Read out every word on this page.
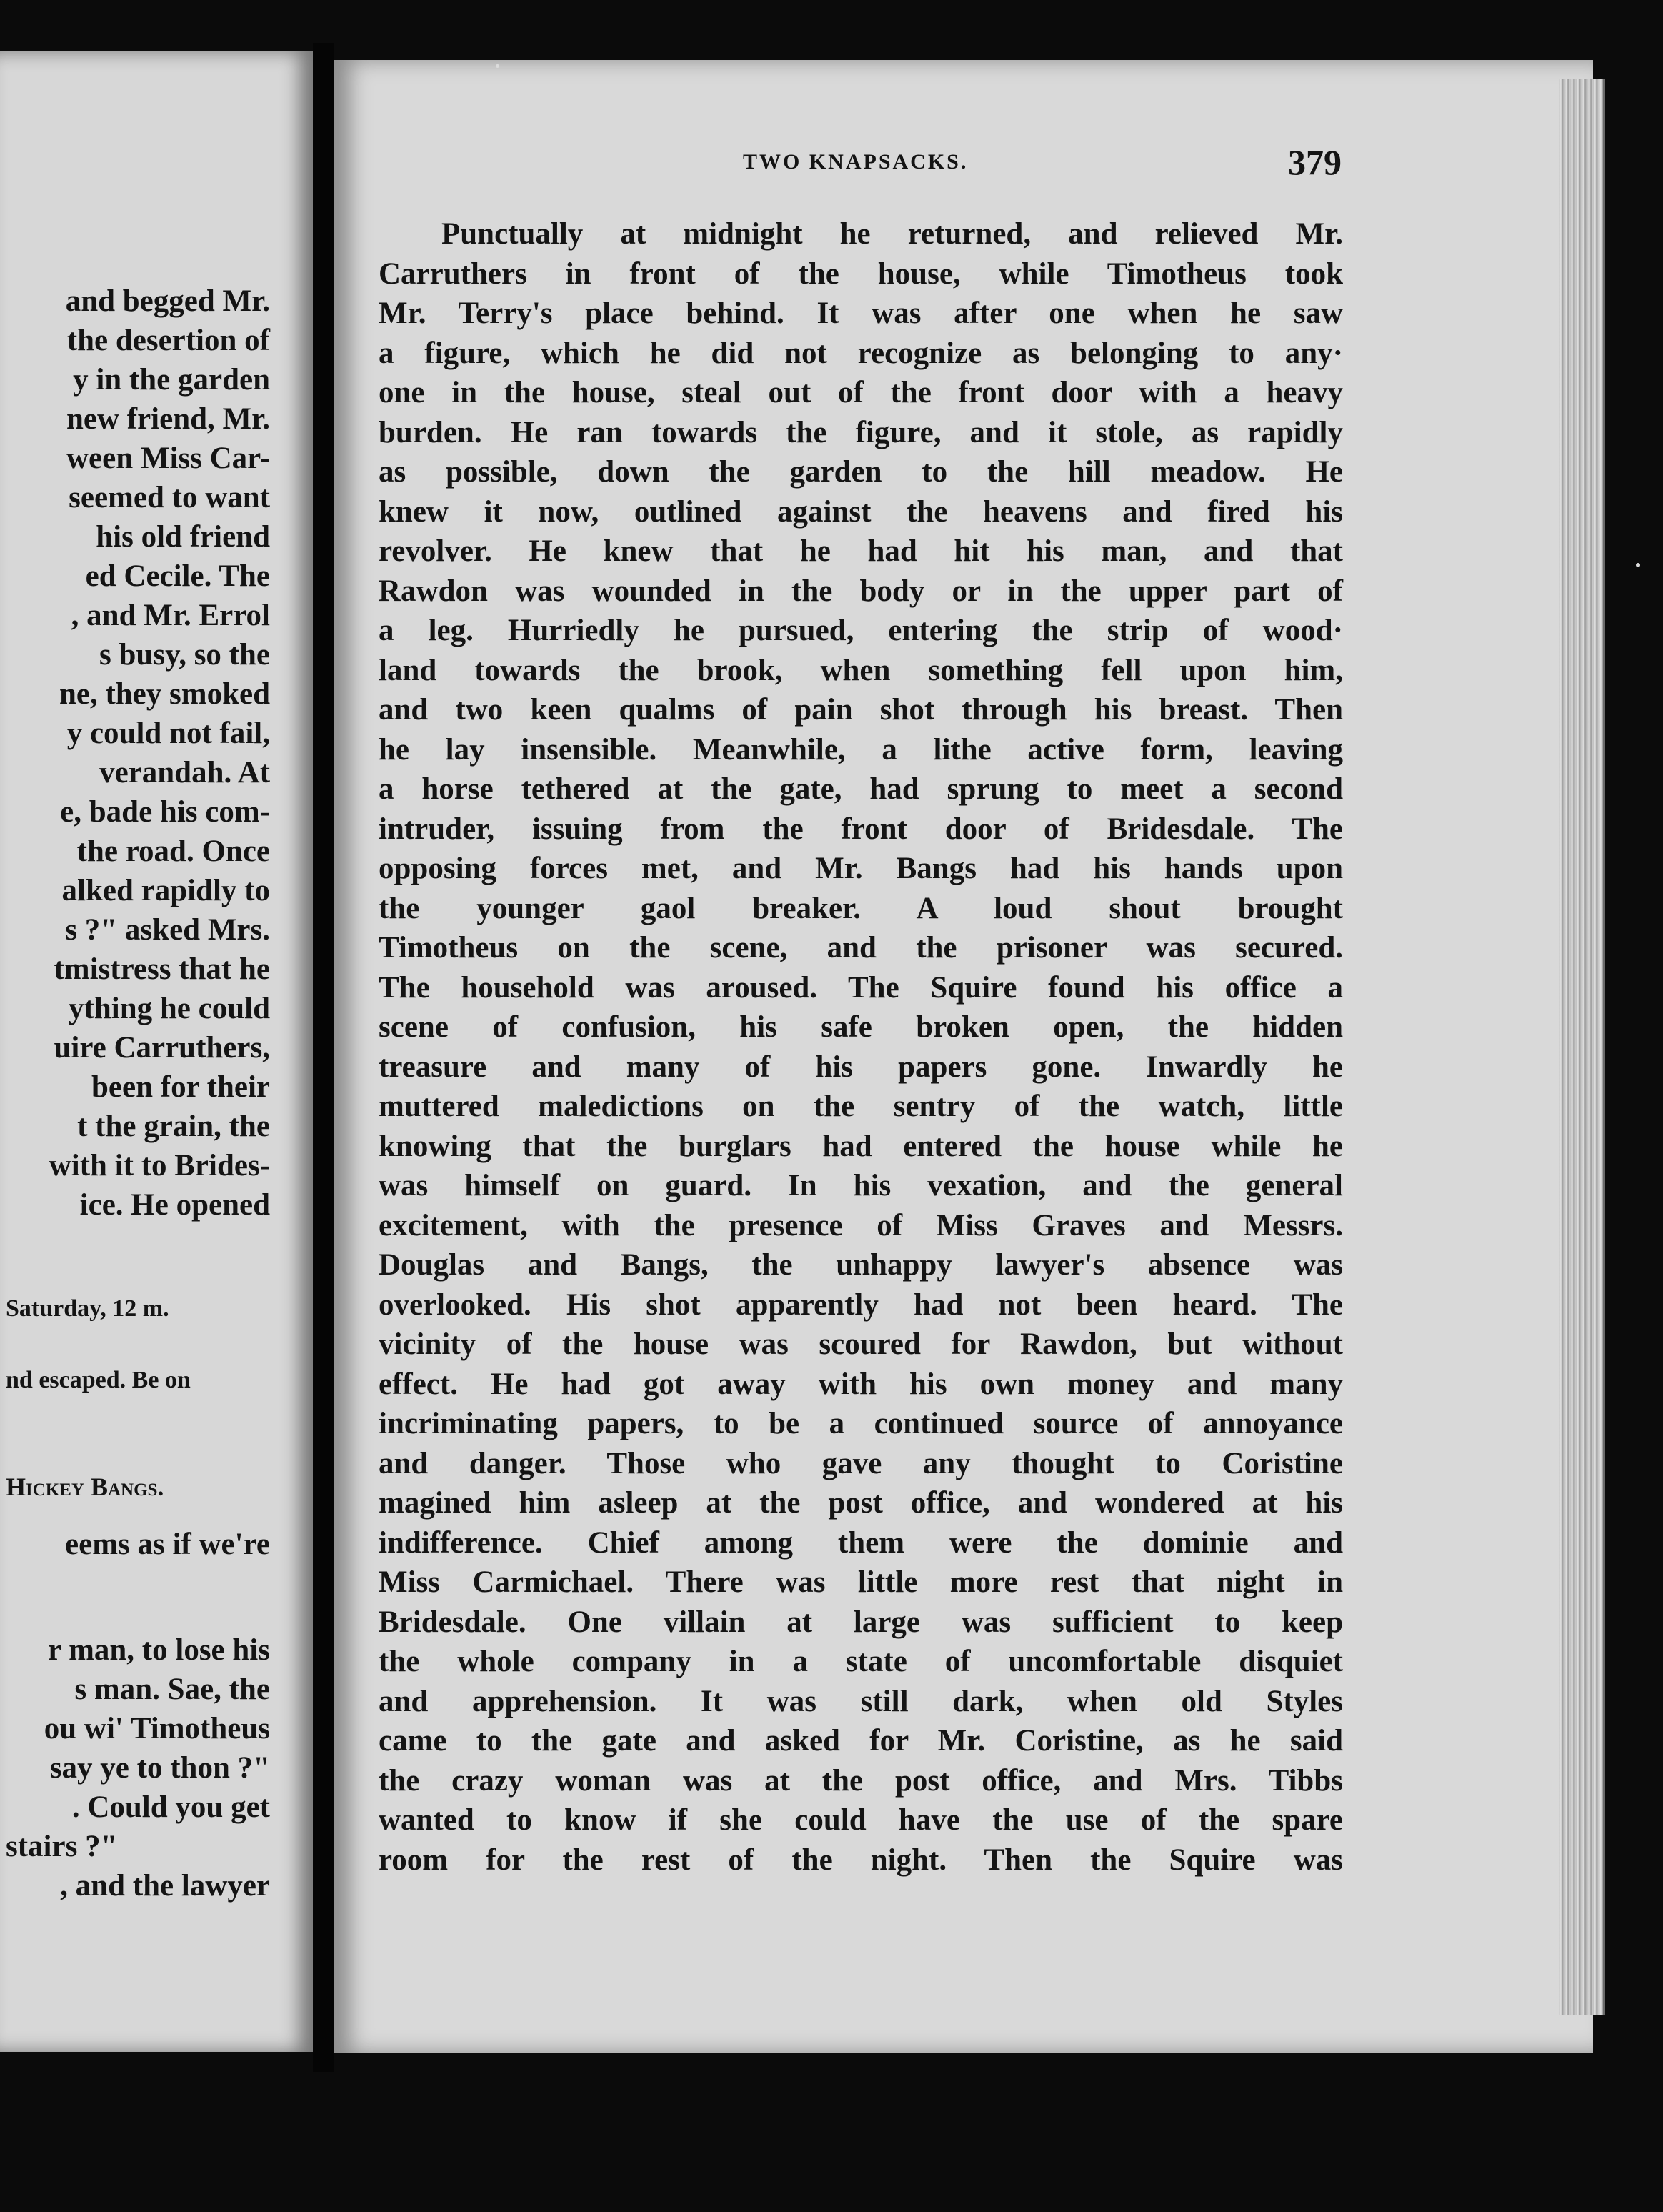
and begged Mr.
the desertion of
y in the garden
new friend, Mr.
ween Miss Car-
seemed to want
his old friend
ed Cecile. The
, and Mr. Errol
s busy, so the
ne, they smoked
y could not fail,
verandah. At
e, bade his com-
the road. Once
alked rapidly to
s ?" asked Mrs.
tmistress that he
ything he could
uire Carruthers,
been for their
t the grain, the
with it to Brides-
ice. He opened
Saturday, 12 m.
nd escaped. Be on
Hickey Bangs.
eems as if we're
r man, to lose his
s man. Sae, the
ou wi' Timotheus
say ye to thon ?"
. Could you get
stairs ?"
, and the lawyer
TWO KNAPSACKS.	379
Punctually at midnight he returned, and relieved Mr.
Carruthers in front of the house, while Timotheus took
Mr. Terry's place behind. It was after one when he saw
a figure, which he did not recognize as belonging to any·
one in the house, steal out of the front door with a heavy
burden. He ran towards the figure, and it stole, as rapidly
as possible, down the garden to the hill meadow. He
knew it now, outlined against the heavens and fired his
revolver. He knew that he had hit his man, and that
Rawdon was wounded in the body or in the upper part of
a leg. Hurriedly he pursued, entering the strip of wood·
land towards the brook, when something fell upon him,
and two keen qualms of pain shot through his breast. Then
he lay insensible. Meanwhile, a lithe active form, leaving
a horse tethered at the gate, had sprung to meet a second
intruder, issuing from the front door of Bridesdale. The
opposing forces met, and Mr. Bangs had his hands upon
the younger gaol breaker. A loud shout brought
Timotheus on the scene, and the prisoner was secured.
The household was aroused. The Squire found his office a
scene of confusion, his safe broken open, the hidden
treasure and many of his papers gone. Inwardly he
muttered maledictions on the sentry of the watch, little
knowing that the burglars had entered the house while he
was himself on guard. In his vexation, and the general
excitement, with the presence of Miss Graves and Messrs.
Douglas and Bangs, the unhappy lawyer's absence was
overlooked. His shot apparently had not been heard. The
vicinity of the house was scoured for Rawdon, but without
effect. He had got away with his own money and many
incriminating papers, to be a continued source of annoyance
and danger. Those who gave any thought to Coristine
magined him asleep at the post office, and wondered at his
indifference. Chief among them were the dominie and
Miss Carmichael. There was little more rest that night in
Bridesdale. One villain at large was sufficient to keep
the whole company in a state of uncomfortable disquiet
and apprehension. It was still dark, when old Styles
came to the gate and asked for Mr. Coristine, as he said
the crazy woman was at the post office, and Mrs. Tibbs
wanted to know if she could have the use of the spare
room for the rest of the night. Then the Squire was
